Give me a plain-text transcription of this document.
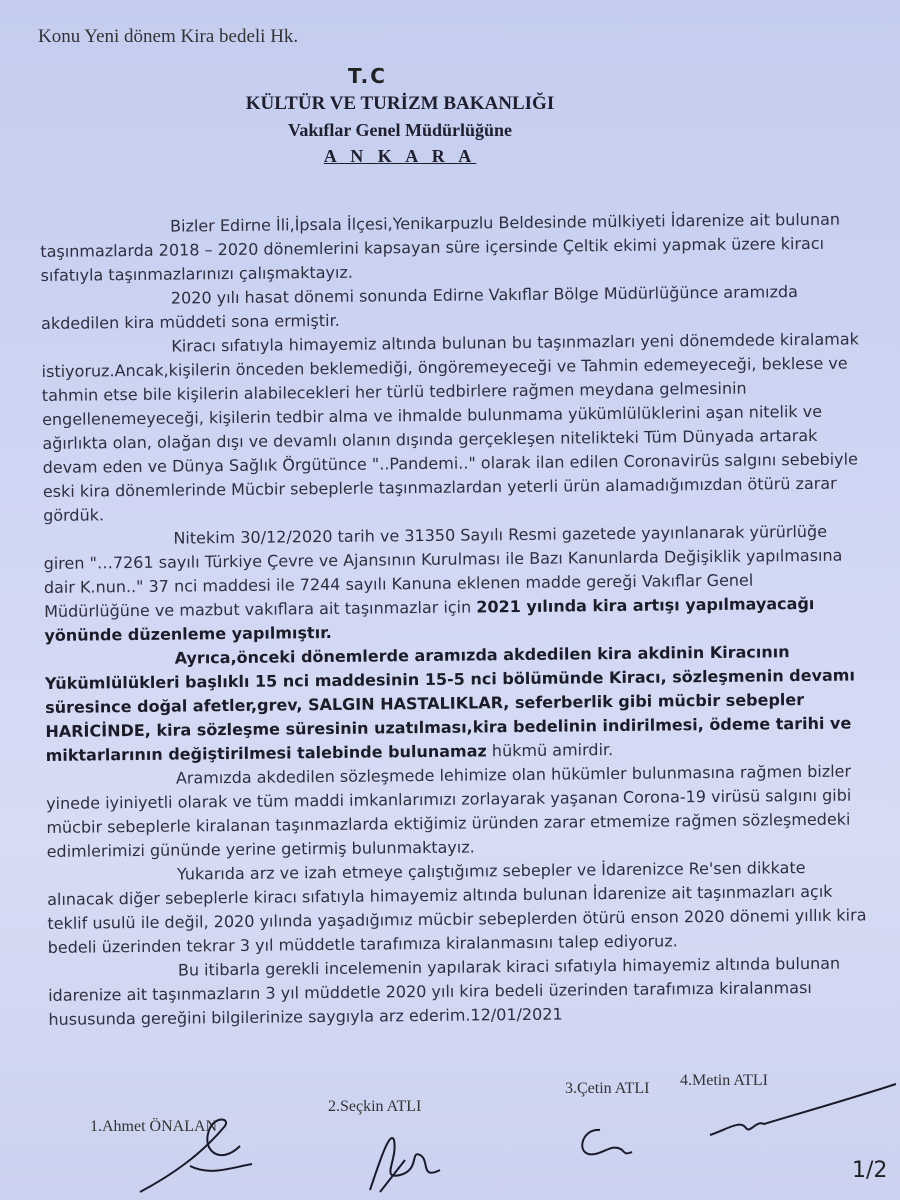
Konu Yeni dönem Kira bedeli Hk.
T.C
KÜLTÜR VE TURİZM BAKANLIĞI
Vakıflar Genel Müdürlüğüne
A N K A R A

Bizler Edirne İli,İpsala İlçesi,Yenikarpuzlu Beldesinde mülkiyeti İdarenize ait bulunan taşınmazlarda 2018 – 2020 dönemlerini kapsayan süre içersinde Çeltik ekimi yapmak üzere kiracı sıfatıyla taşınmazlarınızı çalışmaktayız.

2020 yılı hasat dönemi sonunda Edirne Vakıflar Bölge Müdürlüğünce aramızda akdedilen kira müddeti sona ermiştir.

Kiracı sıfatıyla himayemiz altında bulunan bu taşınmazları yeni dönemdede kiralamak istiyoruz.Ancak,kişilerin önceden beklemediği, öngöremeyeceği ve Tahmin edemeyeceği, beklese ve tahmin etse bile kişilerin alabilecekleri her türlü tedbirlere rağmen meydana gelmesinin engellenemeyeceği, kişilerin tedbir alma ve ihmalde bulunmama yükümlülüklerini aşan nitelik ve ağırlıkta olan, olağan dışı ve devamlı olanın dışında gerçekleşen nitelikteki Tüm Dünyada artarak devam eden ve Dünya Sağlık Örgütünce "..Pandemi.." olarak ilan edilen Coronavirüs salgını sebebiyle eski kira dönemlerinde Mücbir sebeplerle taşınmazlardan yeterli ürün alamadığımızdan ötürü zarar gördük.

Nitekim 30/12/2020 tarih ve 31350 Sayılı Resmi gazetede yayınlanarak yürürlüğe giren "…7261 sayılı Türkiye Çevre ve Ajansının Kurulması ile Bazı Kanunlarda Değişiklik yapılmasına dair K.nun.." 37 nci maddesi ile 7244 sayılı Kanuna eklenen madde gereği Vakıflar Genel Müdürlüğüne ve mazbut vakıflara ait taşınmazlar için 2021 yılında kira artışı yapılmayacağı yönünde düzenleme yapılmıştır.

Ayrıca,önceki dönemlerde aramızda akdedilen kira akdinin Kiracının Yükümlülükleri başlıklı 15 nci maddesinin 15-5 nci bölümünde Kiracı, sözleşmenin devamı süresince doğal afetler,grev, SALGIN HASTALIKLAR, seferberlik gibi mücbir sebepler HARİCİNDE, kira sözleşme süresinin uzatılması,kira bedelinin indirilmesi, ödeme tarihi ve miktarlarının değiştirilmesi talebinde bulunamaz hükmü amirdir.

Aramızda akdedilen sözleşmede lehimize olan hükümler bulunmasına rağmen bizler yinede iyiniyetli olarak ve tüm maddi imkanlarımızı zorlayarak yaşanan Corona-19 virüsü salgını gibi mücbir sebeplerle kiralanan taşınmazlarda ektiğimiz üründen zarar etmemize rağmen sözleşmedeki edimlerimizi gününde yerine getirmiş bulunmaktayız.

Yukarıda arz ve izah etmeye çalıştığımız sebepler ve İdarenizce Re'sen dikkate alınacak diğer sebeplerle kiracı sıfatıyla himayemiz altında bulunan İdarenize ait taşınmazları açık teklif usulü ile değil, 2020 yılında yaşadığımız mücbir sebeplerden ötürü enson 2020 dönemi yıllık kira bedeli üzerinden tekrar 3 yıl müddetle tarafımıza kiralanmasını talep ediyoruz.

Bu itibarla gerekli incelemenin yapılarak kiraci sıfatıyla himayemiz altında bulunan idarenize ait taşınmazların 3 yıl müddetle 2020 yılı kira bedeli üzerinden tarafımıza kiralanması hususunda gereğini bilgilerinize saygıyla arz ederim.12/01/2021

1.Ahmet ÖNALAN
2.Seçkin ATLI
3.Çetin ATLI 4.Metin ATLI
1/2
